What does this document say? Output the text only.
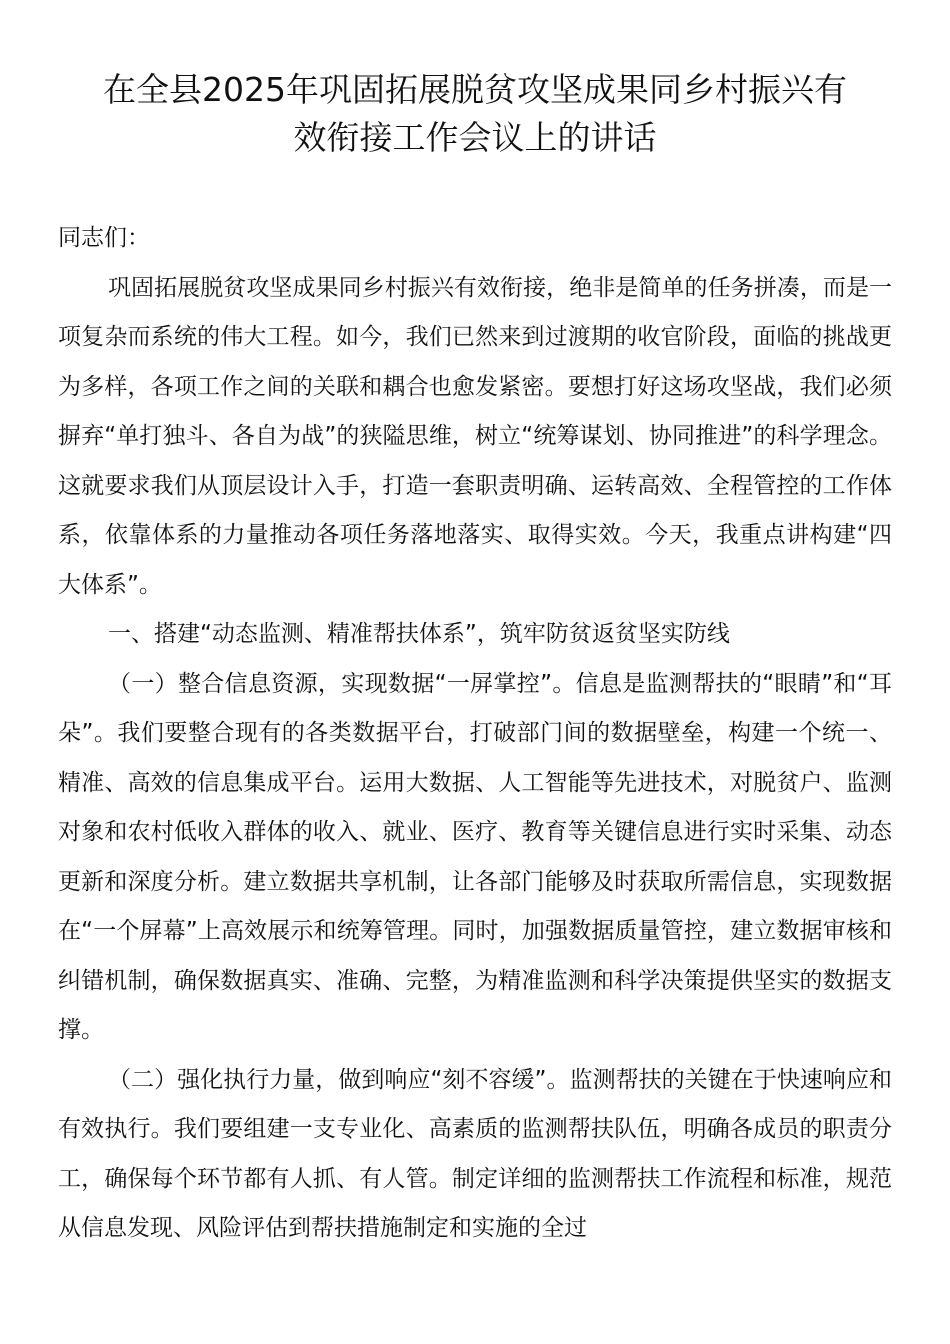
在全县2025年巩固拓展脱贫攻坚成果同乡村振兴有
效衔接工作会议上的讲话

同志们：

巩固拓展脱贫攻坚成果同乡村振兴有效衔接，绝非是简单的任务拼凑，而是一项复杂而系统的伟大工程。如今，我们已然来到过渡期的收官阶段，面临的挑战更为多样，各项工作之间的关联和耦合也愈发紧密。要想打好这场攻坚战，我们必须摒弃“单打独斗、各自为战”的狭隘思维，树立“统筹谋划、协同推进”的科学理念。这就要求我们从顶层设计入手，打造一套职责明确、运转高效、全程管控的工作体系，依靠体系的力量推动各项任务落地落实、取得实效。今天，我重点讲构建“四大体系”。

一、搭建“动态监测、精准帮扶体系”，筑牢防贫返贫坚实防线

（一）整合信息资源，实现数据“一屏掌控”。信息是监测帮扶的“眼睛”和“耳朵”。我们要整合现有的各类数据平台，打破部门间的数据壁垒，构建一个统一、精准、高效的信息集成平台。运用大数据、人工智能等先进技术，对脱贫户、监测对象和农村低收入群体的收入、就业、医疗、教育等关键信息进行实时采集、动态更新和深度分析。建立数据共享机制，让各部门能够及时获取所需信息，实现数据在“一个屏幕”上高效展示和统筹管理。同时，加强数据质量管控，建立数据审核和纠错机制，确保数据真实、准确、完整，为精准监测和科学决策提供坚实的数据支撑。

（二）强化执行力量，做到响应“刻不容缓”。监测帮扶的关键在于快速响应和有效执行。我们要组建一支专业化、高素质的监测帮扶队伍，明确各成员的职责分工，确保每个环节都有人抓、有人管。制定详细的监测帮扶工作流程和标准，规范从信息发现、风险评估到帮扶措施制定和实施的全过
